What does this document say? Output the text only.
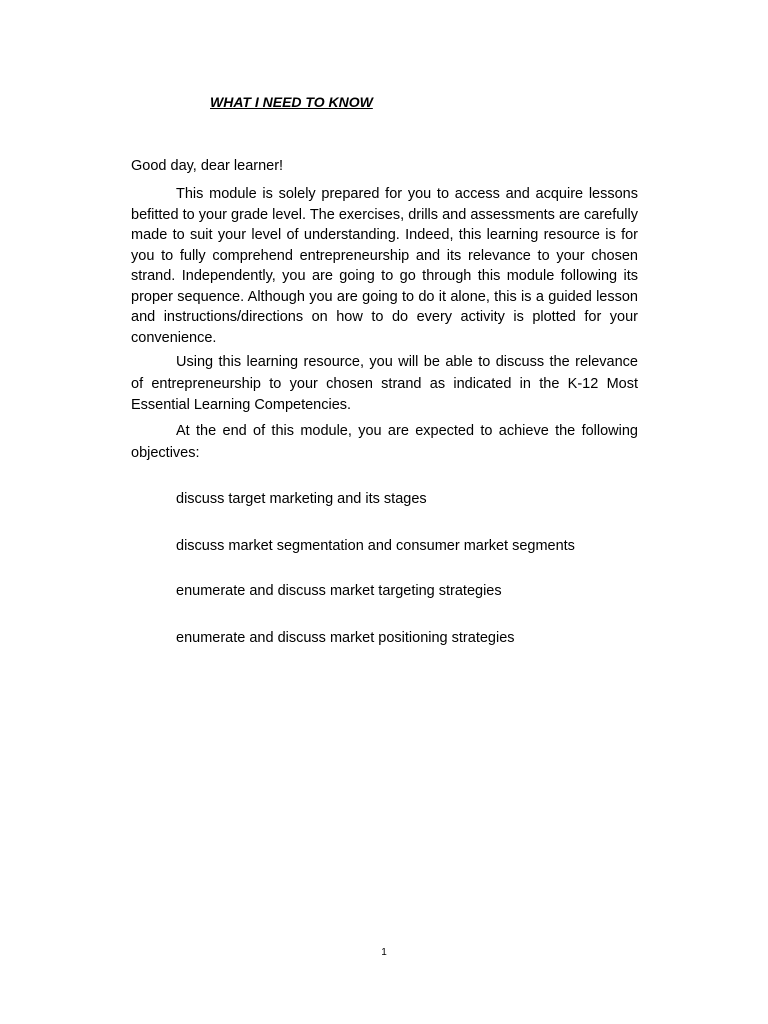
WHAT I NEED TO KNOW
Good day, dear learner!
This module is solely prepared for you to access and acquire lessons befitted to your grade level. The exercises, drills and assessments are carefully made to suit your level of understanding. Indeed, this learning resource is for you to fully comprehend entrepreneurship and its relevance to your chosen strand. Independently, you are going to go through this module following its proper sequence. Although you are going to do it alone, this is a guided lesson and instructions/directions on how to do every activity is plotted for your convenience.
Using this learning resource, you will be able to discuss the relevance of entrepreneurship to your chosen strand as indicated in the K-12 Most Essential Learning Competencies.
At the end of this module, you are expected to achieve the following objectives:
discuss target marketing and its stages
discuss market segmentation and consumer market segments
enumerate and discuss market targeting strategies
enumerate and discuss market positioning strategies
1
